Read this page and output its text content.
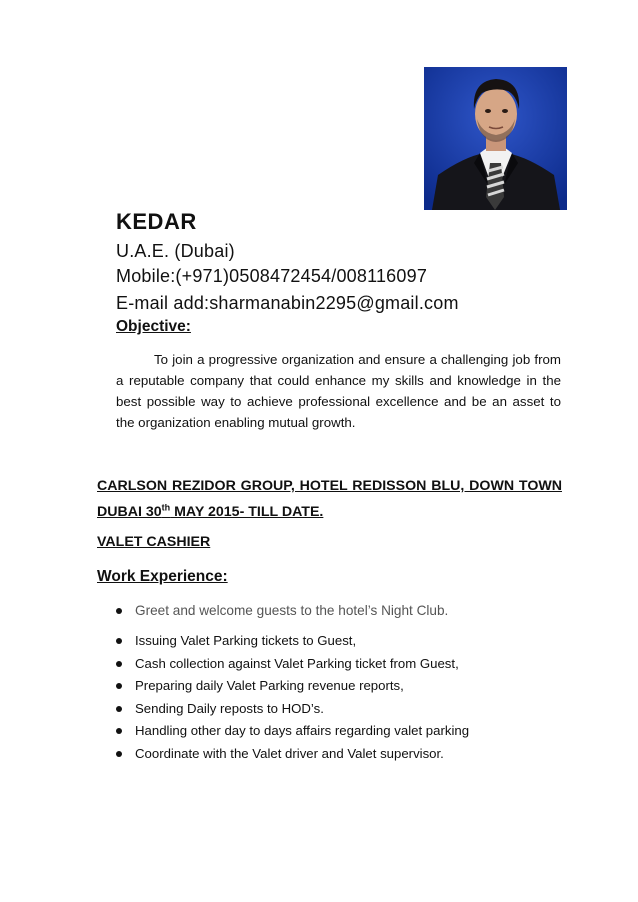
KEDAR
U.A.E. (Dubai)
Mobile:(+971)0508472454/008116097
E-mail add:sharmanabin2295@gmail.com
Objective:

To join a progressive organization and ensure a challenging job from a reputable company that could enhance my skills and knowledge in the best possible way to achieve professional excellence and be an asset to the organization enabling mutual growth.

CARLSON REZIDOR GROUP, HOTEL REDISSON BLU, DOWN TOWN DUBAI 30th MAY 2015- TILL DATE.

VALET CASHIER
Work Experience:
Greet and welcome guests to the hotel’s Night Club.
Issuing Valet Parking tickets to Guest,
Cash collection against Valet Parking ticket from Guest,
Preparing daily Valet Parking revenue reports,
Sending Daily reposts to HOD’s.
Handling other day to days affairs regarding valet parking
Coordinate with the Valet driver and Valet supervisor.
